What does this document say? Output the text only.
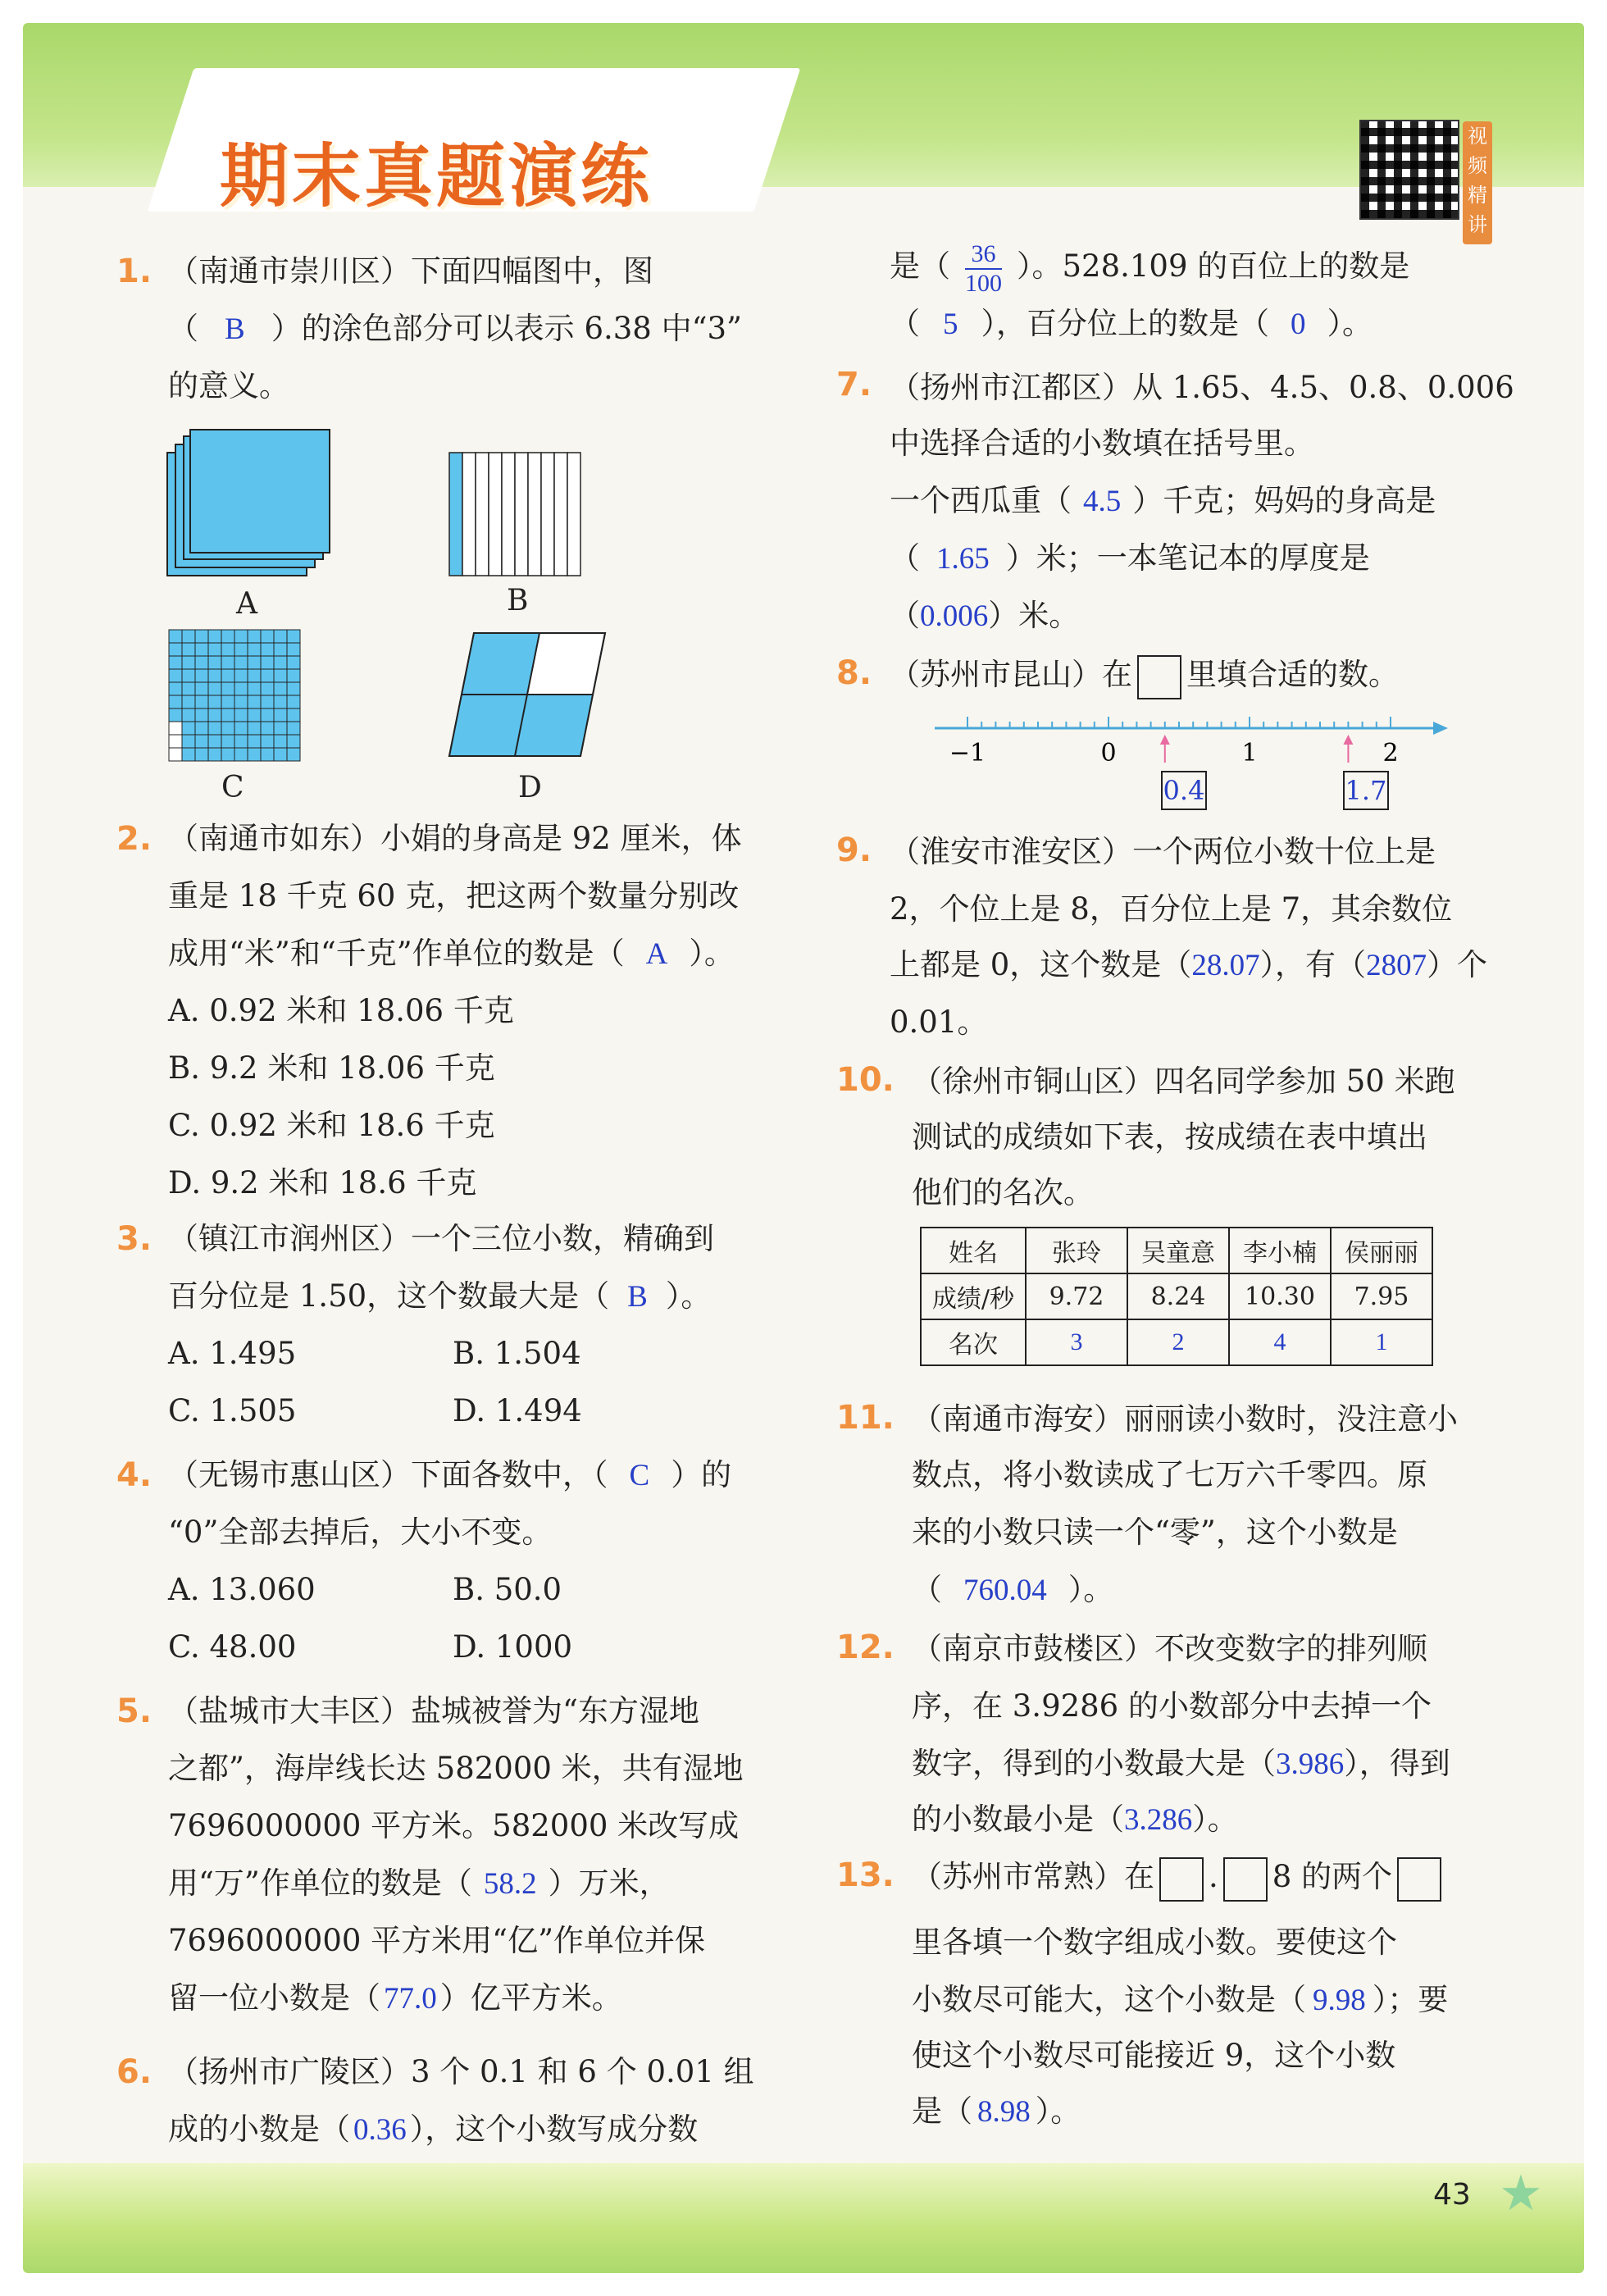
期末真题演练	视频精讲
43 ★
1. （南通市崇川区）下面四幅图中，图
（ B ）的涂色部分可以表示 6.38 中“3”
的意义。
A	B
C	D
2. （南通市如东）小娟的身高是 92 厘米，体
重是 18 千克 60 克，把这两个数量分别改
成用“米”和“千克”作单位的数是（ A ）。
A. 0.92 米和 18.06 千克
B. 9.2 米和 18.06 千克
C. 0.92 米和 18.6 千克
D. 9.2 米和 18.6 千克
3. （镇江市润州区）一个三位小数，精确到
百分位是 1.50，这个数最大是（ B ）。
A. 1.495	B. 1.504
C. 1.505	D. 1.494
4. （无锡市惠山区）下面各数中，（ C ）的
“0”全部去掉后，大小不变。
A. 13.060	B. 50.0
C. 48.00	D. 1000
5. （盐城市大丰区）盐城被誉为“东方湿地
之都”，海岸线长达 582000 米，共有湿地
7696000000 平方米。582000 米改写成
用“万”作单位的数是（ 58.2 ）万米，
7696000000 平方米用“亿”作单位并保
留一位小数是（ 77.0 ）亿平方米。
6. （扬州市广陵区）3 个 0.1 和 6 个 0.01 组
成的小数是（ 0.36 ），这个小数写成分数
是（ $\frac{36}{100}$ ）。528.109 的百位上的数是
（ 5 ），百分位上的数是（ 0 ）。
7. （扬州市江都区）从 1.65、4.5、0.8、0.006
中选择合适的小数填在括号里。
一个西瓜重（ 4.5 ）千克；妈妈的身高是
（ 1.65 ）米；一本笔记本的厚度是
（0.006）米。
8. （苏州市昆山）在 里填合适的数。
−1	0	1	2
0.4	1.7
9. （淮安市淮安区）一个两位小数十位上是
2，个位上是 8，百分位上是 7，其余数位
上都是 0，这个数是（28.07），有（2807）个
0.01。
10. （徐州市铜山区）四名同学参加 50 米跑
测试的成绩如下表，按成绩在表中填出
他们的名次。
姓名	张玲	吴童意	李小楠	侯丽丽
成绩/秒	9.72	8.24	10.30	7.95
名次	3	2	4	1
11. （南通市海安）丽丽读小数时，没注意小
数点，将小数读成了七万六千零四。原
来的小数只读一个“零”，这个小数是
（ 760.04 ）。
12. （南京市鼓楼区）不改变数字的排列顺
序，在 3.9286 的小数部分中去掉一个
数字，得到的小数最大是（3.986），得到
的小数最小是（3.286）。
13. （苏州市常熟）在 . 8 的两个
里各填一个数字组成小数。要使这个
小数尽可能大，这个小数是（ 9.98 ）；要
使这个小数尽可能接近 9，这个小数
是（ 8.98 ）。
